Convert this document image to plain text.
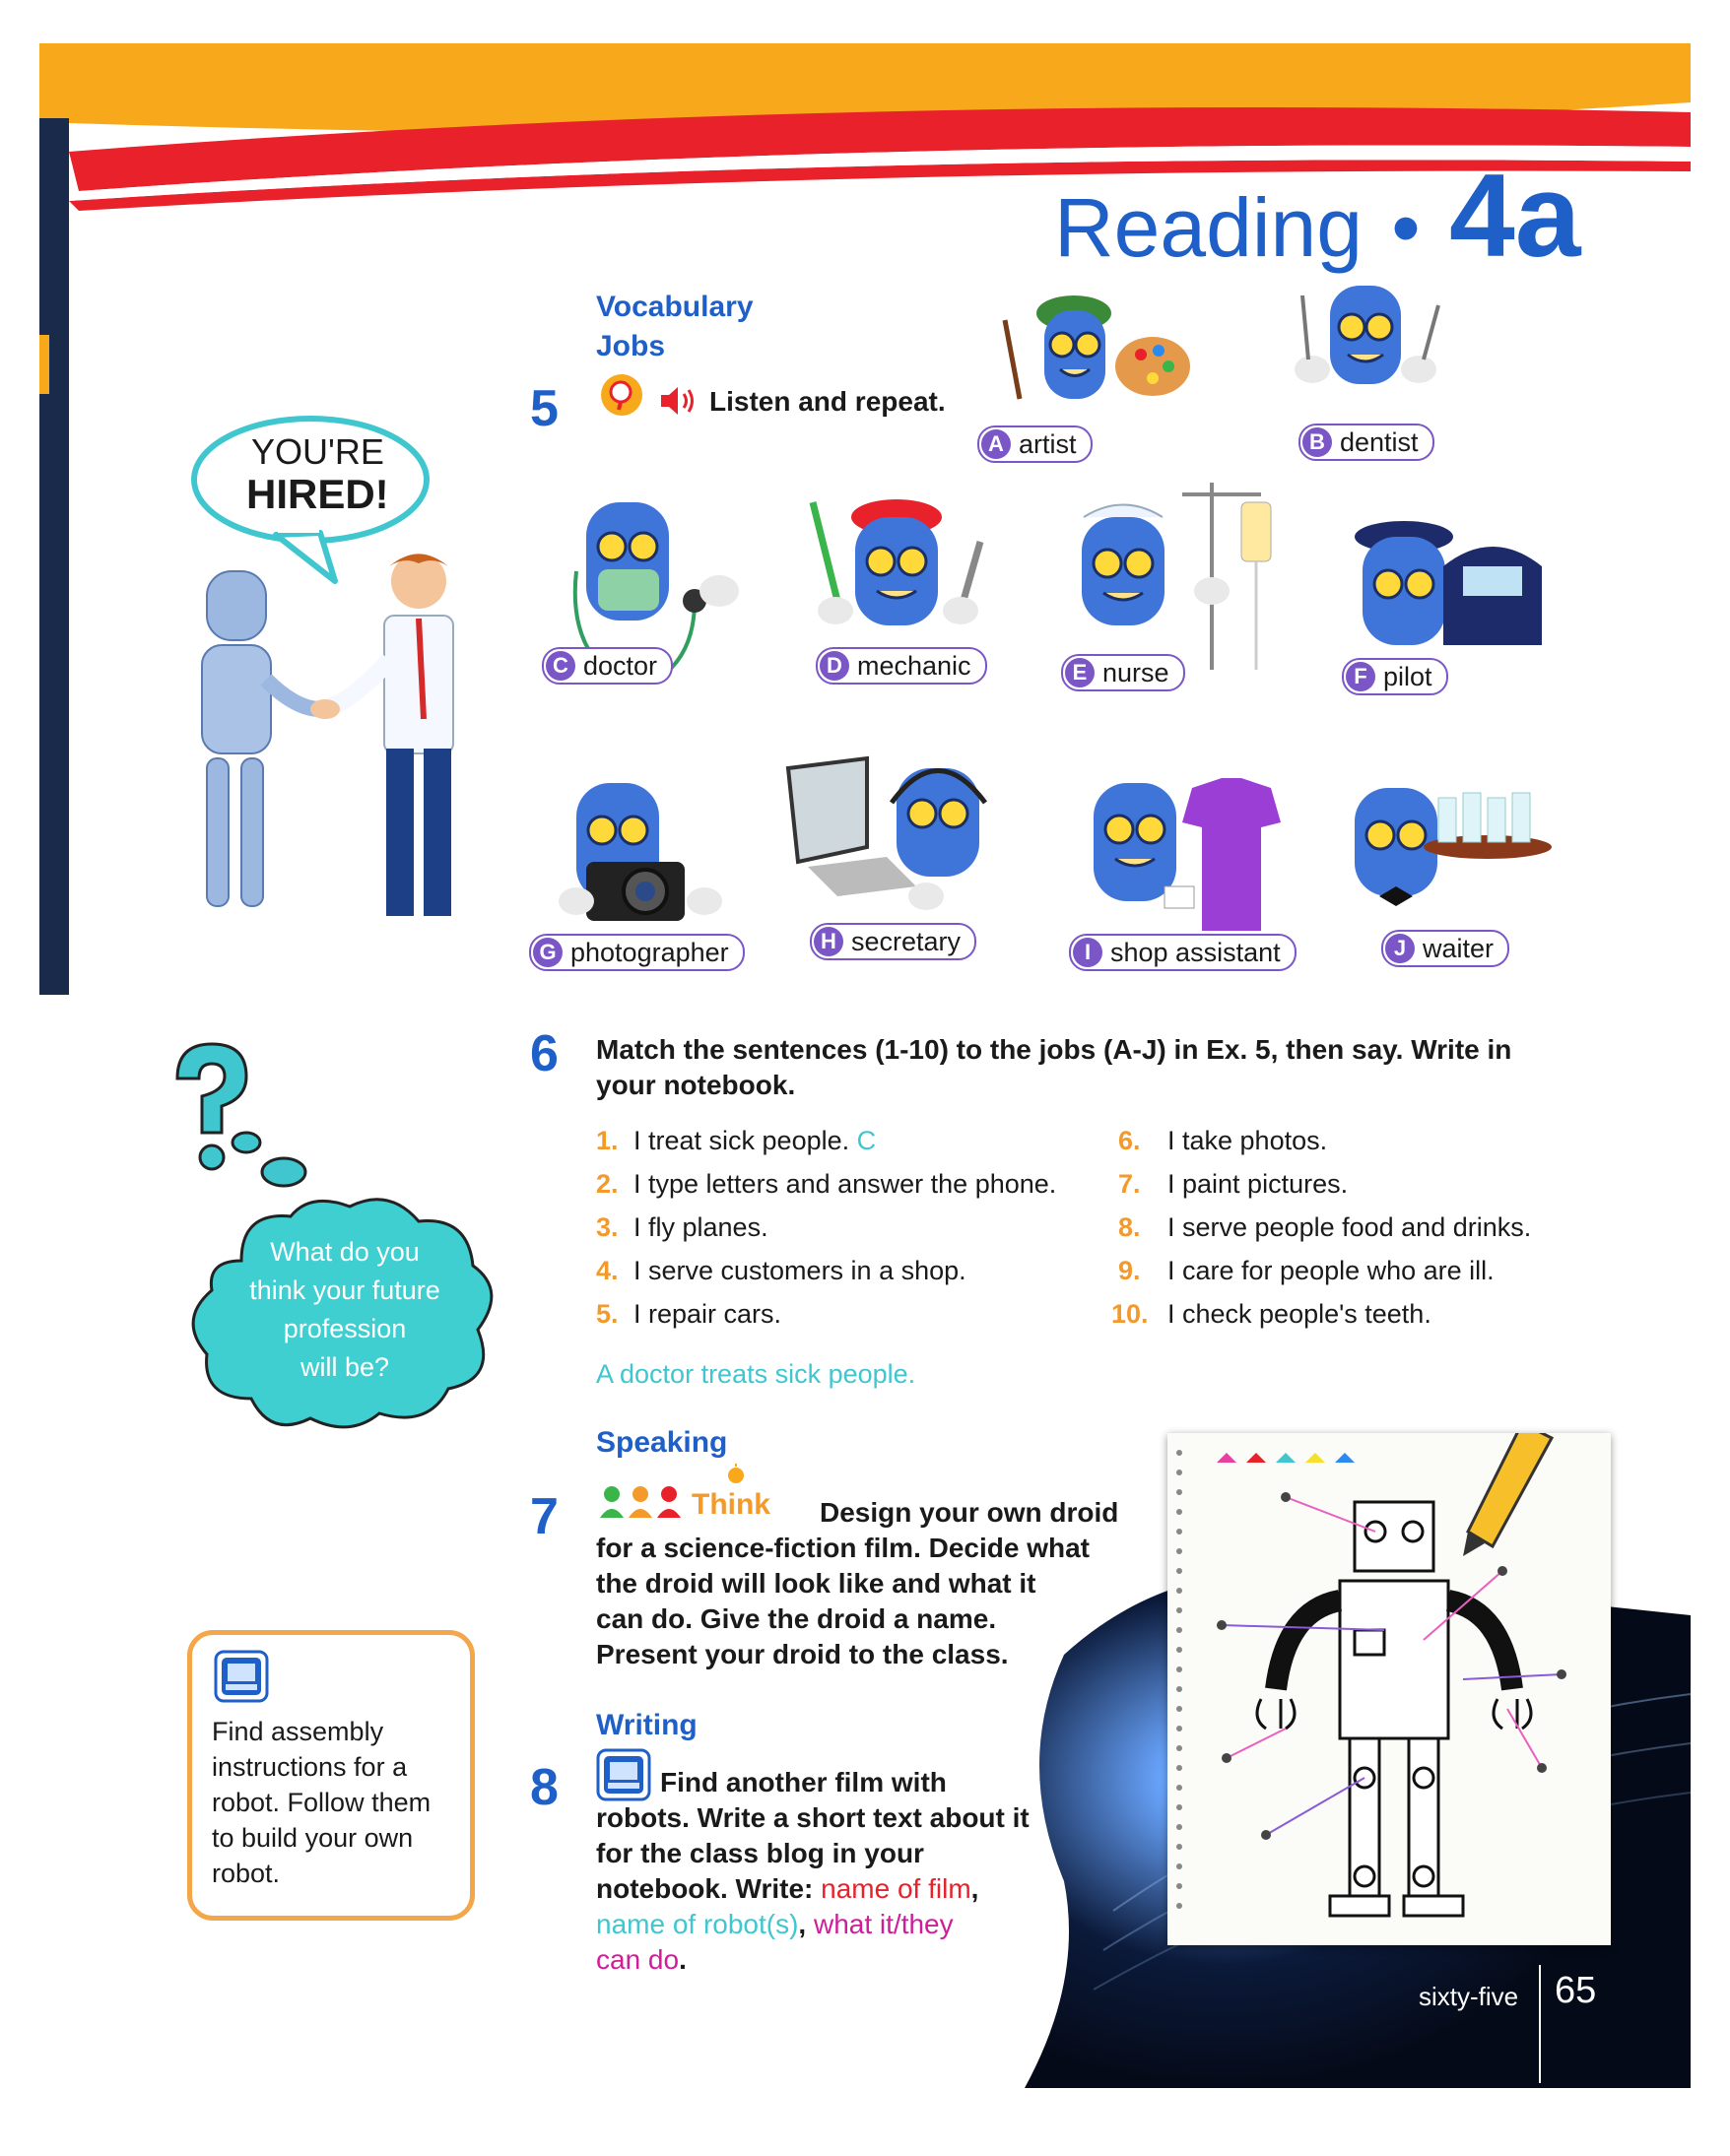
Reading • 4a
Vocabulary
Jobs
5	Listen and repeat.
A artist	B dentist
C doctor	D mechanic	E nurse	F pilot
G photographer	H secretary	I shop assistant	J waiter
YOU'RE
HIRED!
6 Match the sentences (1-10) to the jobs (A-J) in Ex. 5, then say. Write in
your notebook.
1. I treat sick people. C
2. I type letters and answer the phone.
3. I fly planes.
4. I serve customers in a shop.
5. I repair cars.
6. I take photos.
7. I paint pictures.
8. I serve people food and drinks.
9. I care for people who are ill.
10. I check people's teeth.
A doctor treats sick people.
What do you
think your future
profession
will be?
Speaking
7	Think Design your own droid
for a science-fiction film. Decide what
the droid will look like and what it
can do. Give the droid a name.
Present your droid to the class.
Writing
8	Find another film with
robots. Write a short text about it
for the class blog in your
notebook. Write: name of film,
name of robot(s), what it/they
can do.
Find assembly
instructions for a
robot. Follow them
to build your own
robot.
sixty-five 65
